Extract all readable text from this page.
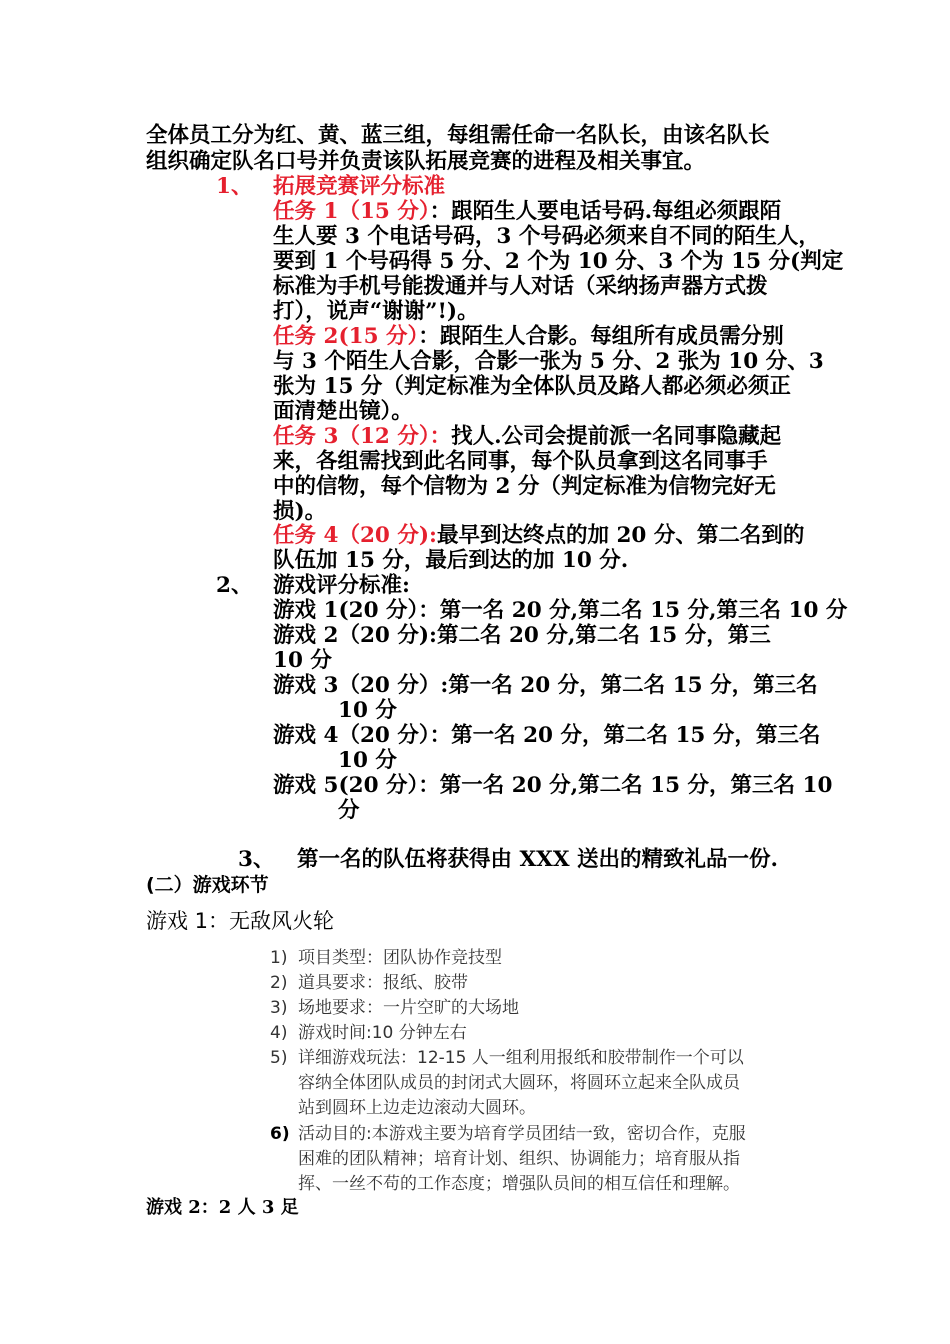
全体员工分为红、黄、蓝三组，每组需任命一名队长，由该名队长
组织确定队名口号并负责该队拓展竞赛的进程及相关事宜。
1、 拓展竞赛评分标准
任务 1（15 分）：跟陌生人要电话号码.每组必须跟陌
生人要 3 个电话号码，3 个号码必须来自不同的陌生人，
要到 1 个号码得 5 分、2 个为 10 分、3 个为 15 分(判定
标准为手机号能拨通并与人对话（采纳扬声器方式拨
打），说声“谢谢”!)。
任务 2(15 分）：跟陌生人合影。每组所有成员需分别
与 3 个陌生人合影，合影一张为 5 分、2 张为 10 分、3
张为 15 分（判定标准为全体队员及路人都必须必须正
面清楚出镜）。
任务 3（12 分）：找人.公司会提前派一名同事隐藏起
来，各组需找到此名同事，每个队员拿到这名同事手
中的信物，每个信物为 2 分（判定标准为信物完好无
损)。
任务 4（20 分):最早到达终点的加 20 分、第二名到的
队伍加 15 分，最后到达的加 10 分.
2、 游戏评分标准:
游戏 1(20 分）：第一名 20 分,第二名 15 分,第三名 10 分
游戏 2（20 分):第二名 20 分,第二名 15 分，第三
10 分
游戏 3（20 分）:第一名 20 分，第二名 15 分，第三名
10 分
游戏 4（20 分）：第一名 20 分，第二名 15 分，第三名
10 分
游戏 5(20 分）：第一名 20 分,第二名 15 分，第三名 10
分
3、 第一名的队伍将获得由 XXX 送出的精致礼品一份.
(二）游戏环节
游戏 1：无敌风火轮
1) 项目类型：团队协作竞技型
2) 道具要求：报纸、胶带
3) 场地要求：一片空旷的大场地
4) 游戏时间:10 分钟左右
5) 详细游戏玩法：12-15 人一组利用报纸和胶带制作一个可以
容纳全体团队成员的封闭式大圆环，将圆环立起来全队成员
站到圆环上边走边滚动大圆环。
6) 活动目的:本游戏主要为培育学员团结一致，密切合作，克服
困难的团队精神；培育计划、组织、协调能力；培育服从指
挥、一丝不苟的工作态度；增强队员间的相互信任和理解。
游戏 2：2 人 3 足
